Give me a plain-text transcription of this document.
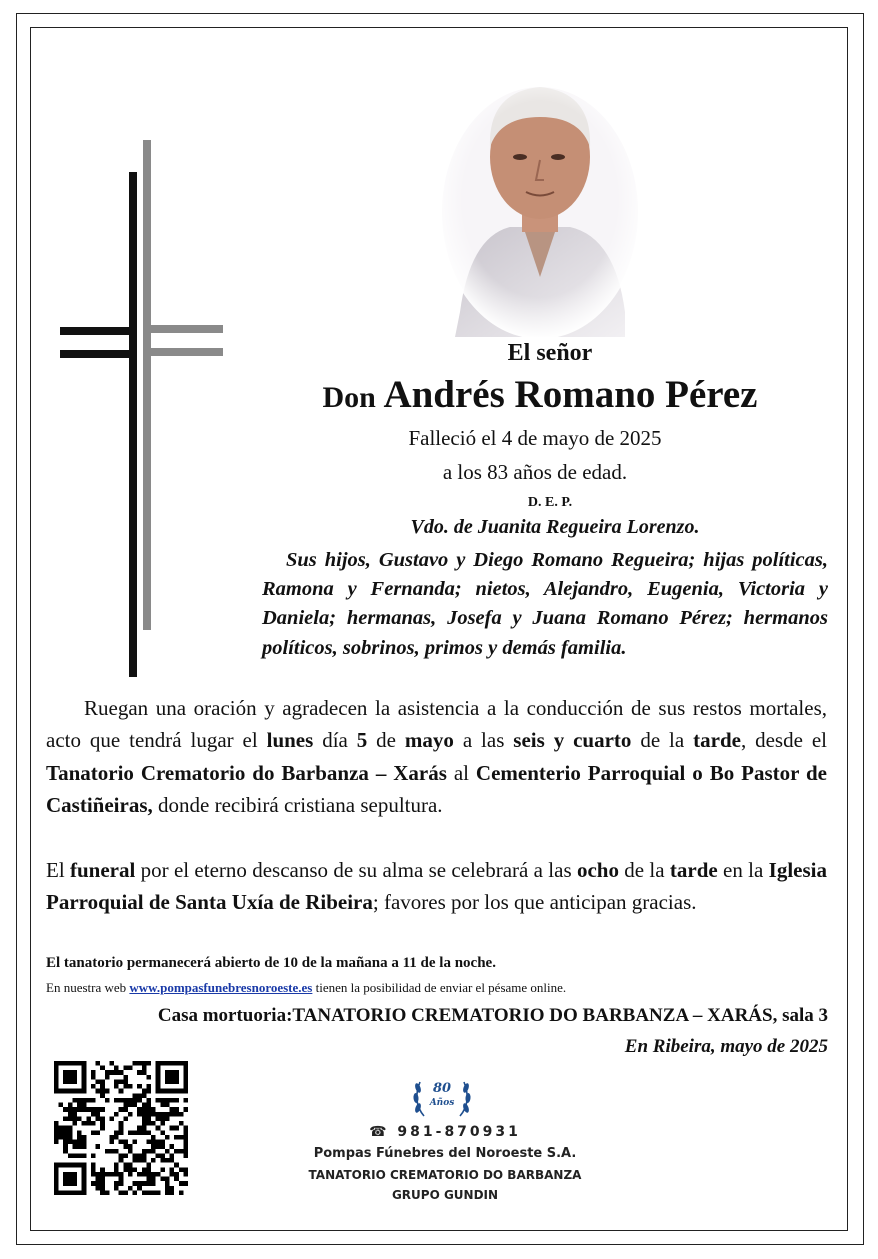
El señor
Don Andrés Romano Pérez
Falleció el 4 de mayo de 2025
a los 83 años de edad.
D. E. P.
Vdo. de Juanita Regueira Lorenzo.
Sus hijos, Gustavo y Diego Romano Regueira; hijas políticas, Ramona y Fernanda; nietos, Alejandro, Eugenia, Victoria y Daniela; hermanas, Josefa y Juana Romano Pérez; hermanos políticos, sobrinos, primos y demás familia.
Ruegan una oración y agradecen la asistencia a la conducción de sus restos mortales, acto que tendrá lugar el lunes día 5 de mayo a las seis y cuarto de la tarde, desde el Tanatorio Crematorio do Barbanza – Xarás al Cementerio Parroquial o Bo Pastor de Castiñeiras, donde recibirá cristiana sepultura.
El funeral por el eterno descanso de su alma se celebrará a las ocho de la tarde en la Iglesia Parroquial de Santa Uxía de Ribeira; favores por los que anticipan gracias.
El tanatorio permanecerá abierto de 10 de la mañana a 11 de la noche.
En nuestra web www.pompasfunebresnoroeste.es tienen la posibilidad de enviar el pésame online.
Casa mortuoria:TANATORIO CREMATORIO DO BARBANZA – XARÁS, sala 3
En Ribeira, mayo de 2025
80
Años
☎ 981-870931
Pompas Fúnebres del Noroeste S.A.
TANATORIO CREMATORIO DO BARBANZA
GRUPO GUNDIN
